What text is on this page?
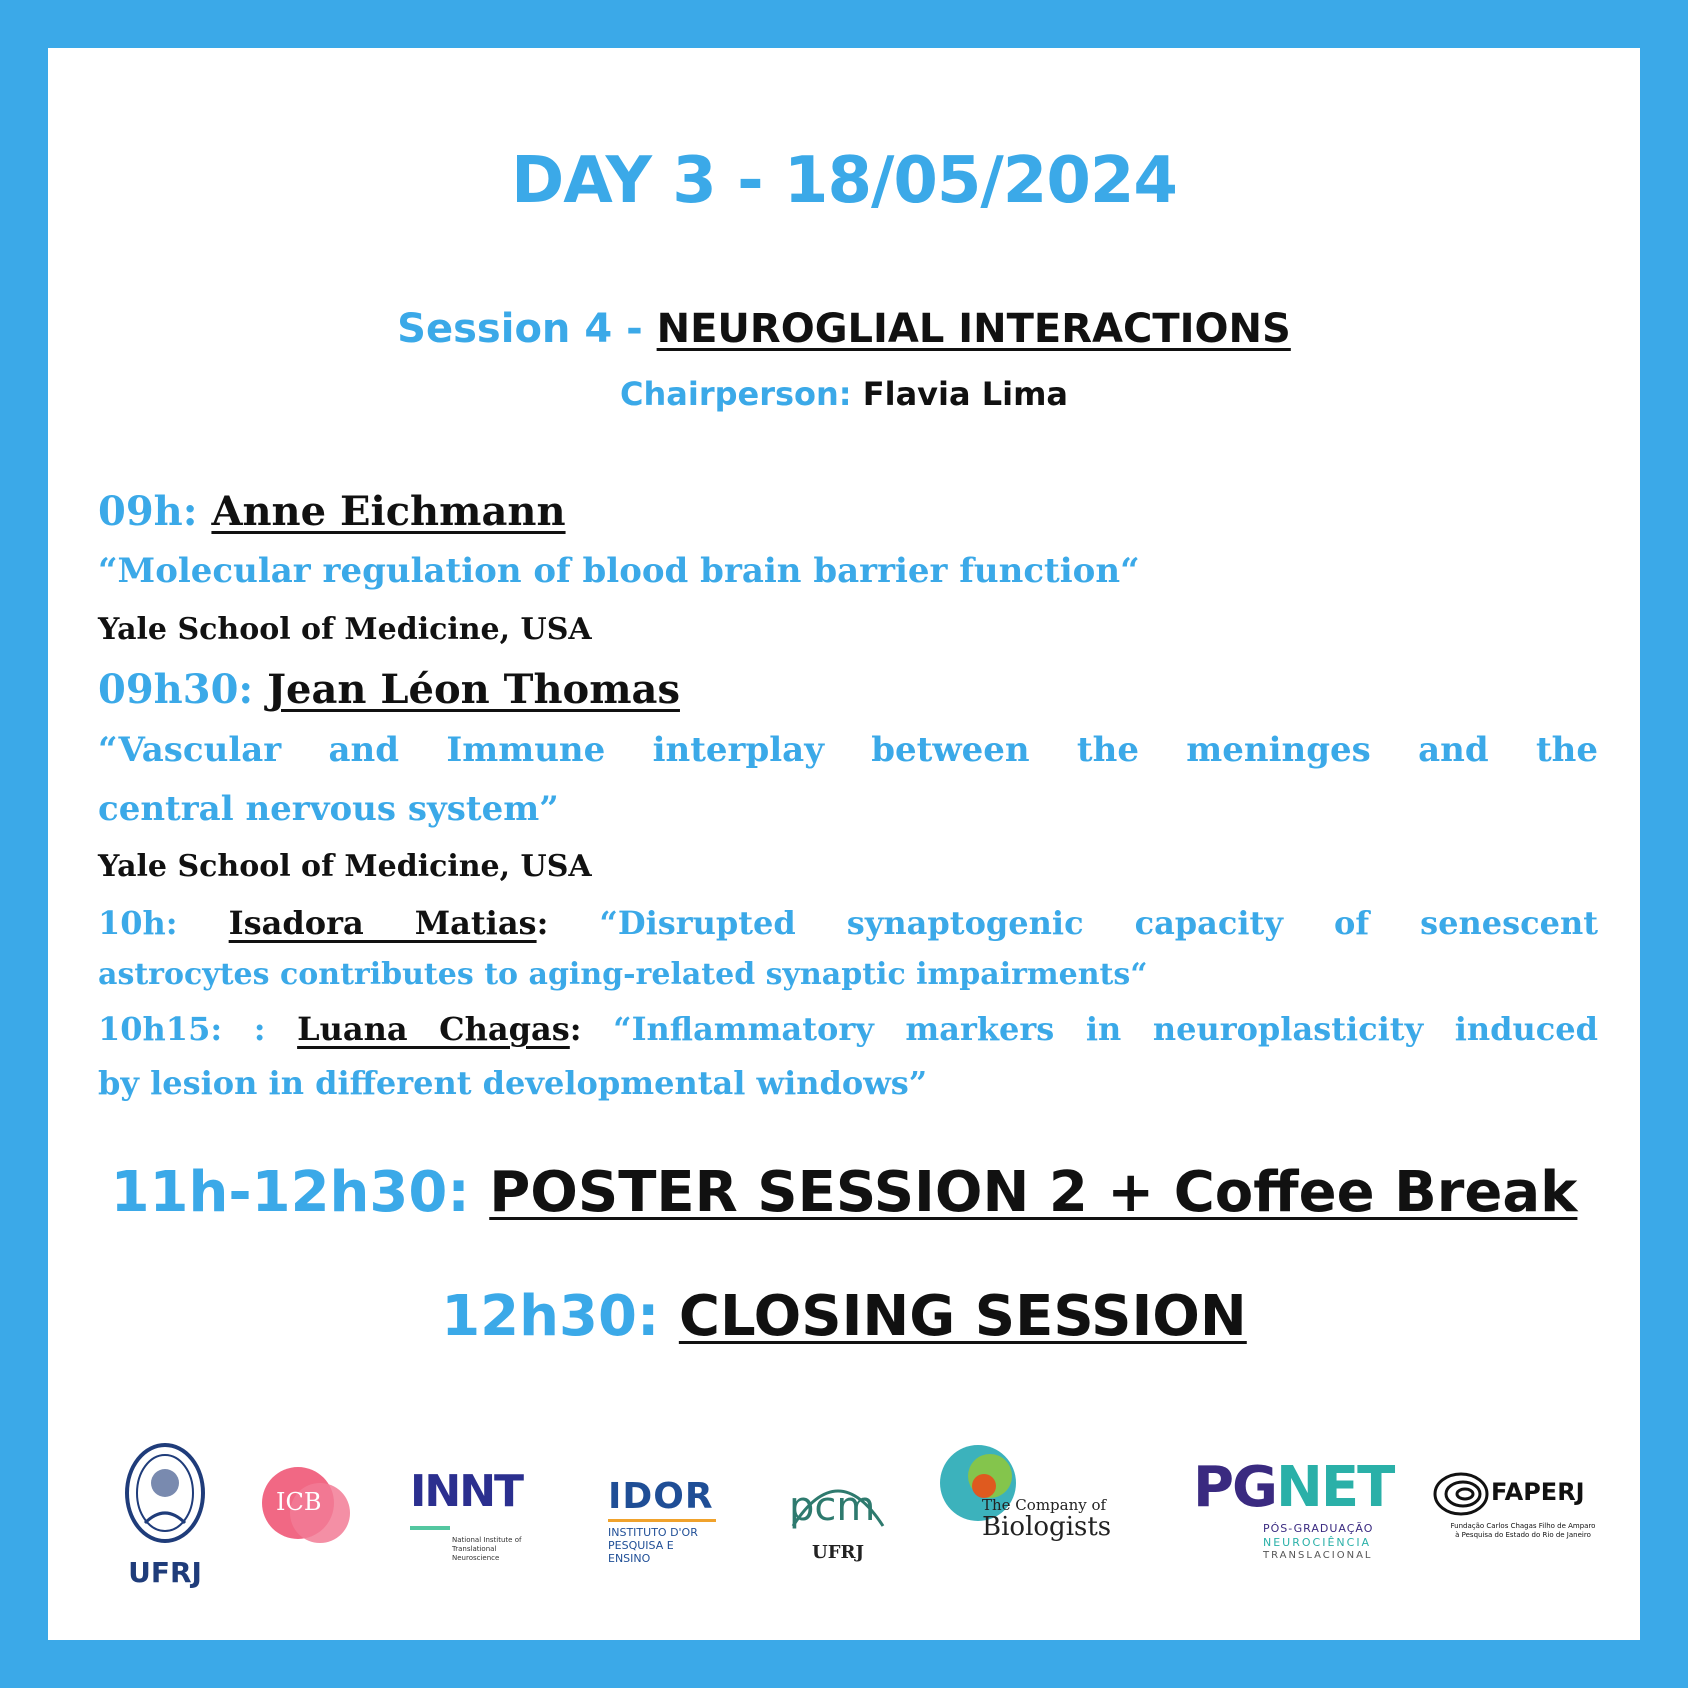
DAY 3 - 18/05/2024
Session 4 - NEUROGLIAL INTERACTIONS
Chairperson: Flavia Lima
09h: Anne Eichmann
“Molecular regulation of blood brain barrier function“
Yale School of Medicine, USA
09h30: Jean Léon Thomas
“Vascular and Immune interplay between the meninges and the
central nervous system”
Yale School of Medicine, USA
10h: Isadora Matias: “Disrupted synaptogenic capacity of senescent
astrocytes contributes to aging-related synaptic impairments“
10h15: : Luana Chagas: “Inflammatory markers in neuroplasticity induced
by lesion in different developmental windows”
11h-12h30: POSTER SESSION 2 + Coffee Break
12h30: CLOSING SESSION
UFRJ
ICB INNT
National Institute of Translational Neuroscience
IDOR
INSTITUTO D'OR
PESQUISA E ENSINO
pcm
UFRJ
The Company of
Biologists
PGNET
PÓS-GRADUAÇÃO
NEUROCIÊNCIA
TRANSLACIONAL
FAPERJ
Fundação Carlos Chagas Filho de Amparo
à Pesquisa do Estado do Rio de Janeiro
